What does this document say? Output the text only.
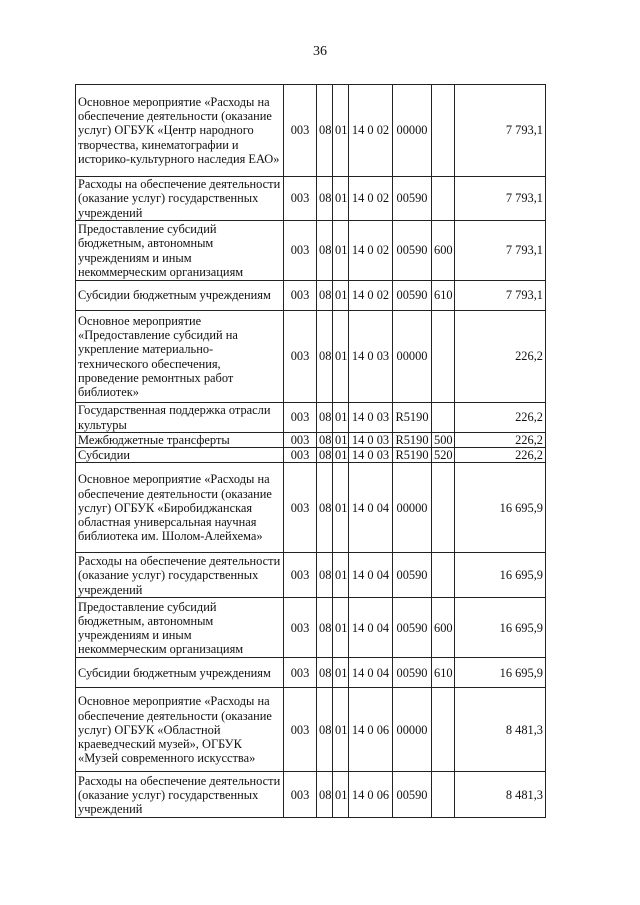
36
Основное мероприятие «Расходы на обеспечение деятельности (оказание услуг) ОГБУК «Центр народного творчества, кинематографии и историко-культурного наследия ЕАО»	003	08	01	14 0 02	00000		7 793,1
Расходы на обеспечение деятельности (оказание услуг) государственных учреждений	003	08	01	14 0 02	00590		7 793,1
Предоставление субсидий бюджетным, автономным учреждениям и иным некоммерческим организациям	003	08	01	14 0 02	00590	600	7 793,1
Субсидии бюджетным учреждениям	003	08	01	14 0 02	00590	610	7 793,1
Основное мероприятие «Предоставление субсидий на укрепление материально-технического обеспечения, проведение ремонтных работ библиотек»	003	08	01	14 0 03	00000		226,2
Государственная поддержка отрасли культуры	003	08	01	14 0 03	R5190		226,2
Межбюджетные трансферты	003	08	01	14 0 03	R5190	500	226,2
Субсидии	003	08	01	14 0 03	R5190	520	226,2
Основное мероприятие «Расходы на обеспечение деятельности (оказание услуг) ОГБУК «Биробиджанская областная универсальная научная библиотека им. Шолом-Алейхема»	003	08	01	14 0 04	00000		16 695,9
Расходы на обеспечение деятельности (оказание услуг) государственных учреждений	003	08	01	14 0 04	00590		16 695,9
Предоставление субсидий бюджетным, автономным учреждениям и иным некоммерческим организациям	003	08	01	14 0 04	00590	600	16 695,9
Субсидии бюджетным учреждениям	003	08	01	14 0 04	00590	610	16 695,9
Основное мероприятие «Расходы на обеспечение деятельности (оказание услуг) ОГБУК «Областной краеведческий музей», ОГБУК «Музей современного искусства»	003	08	01	14 0 06	00000		8 481,3
Расходы на обеспечение деятельности (оказание услуг) государственных учреждений	003	08	01	14 0 06	00590		8 481,3
